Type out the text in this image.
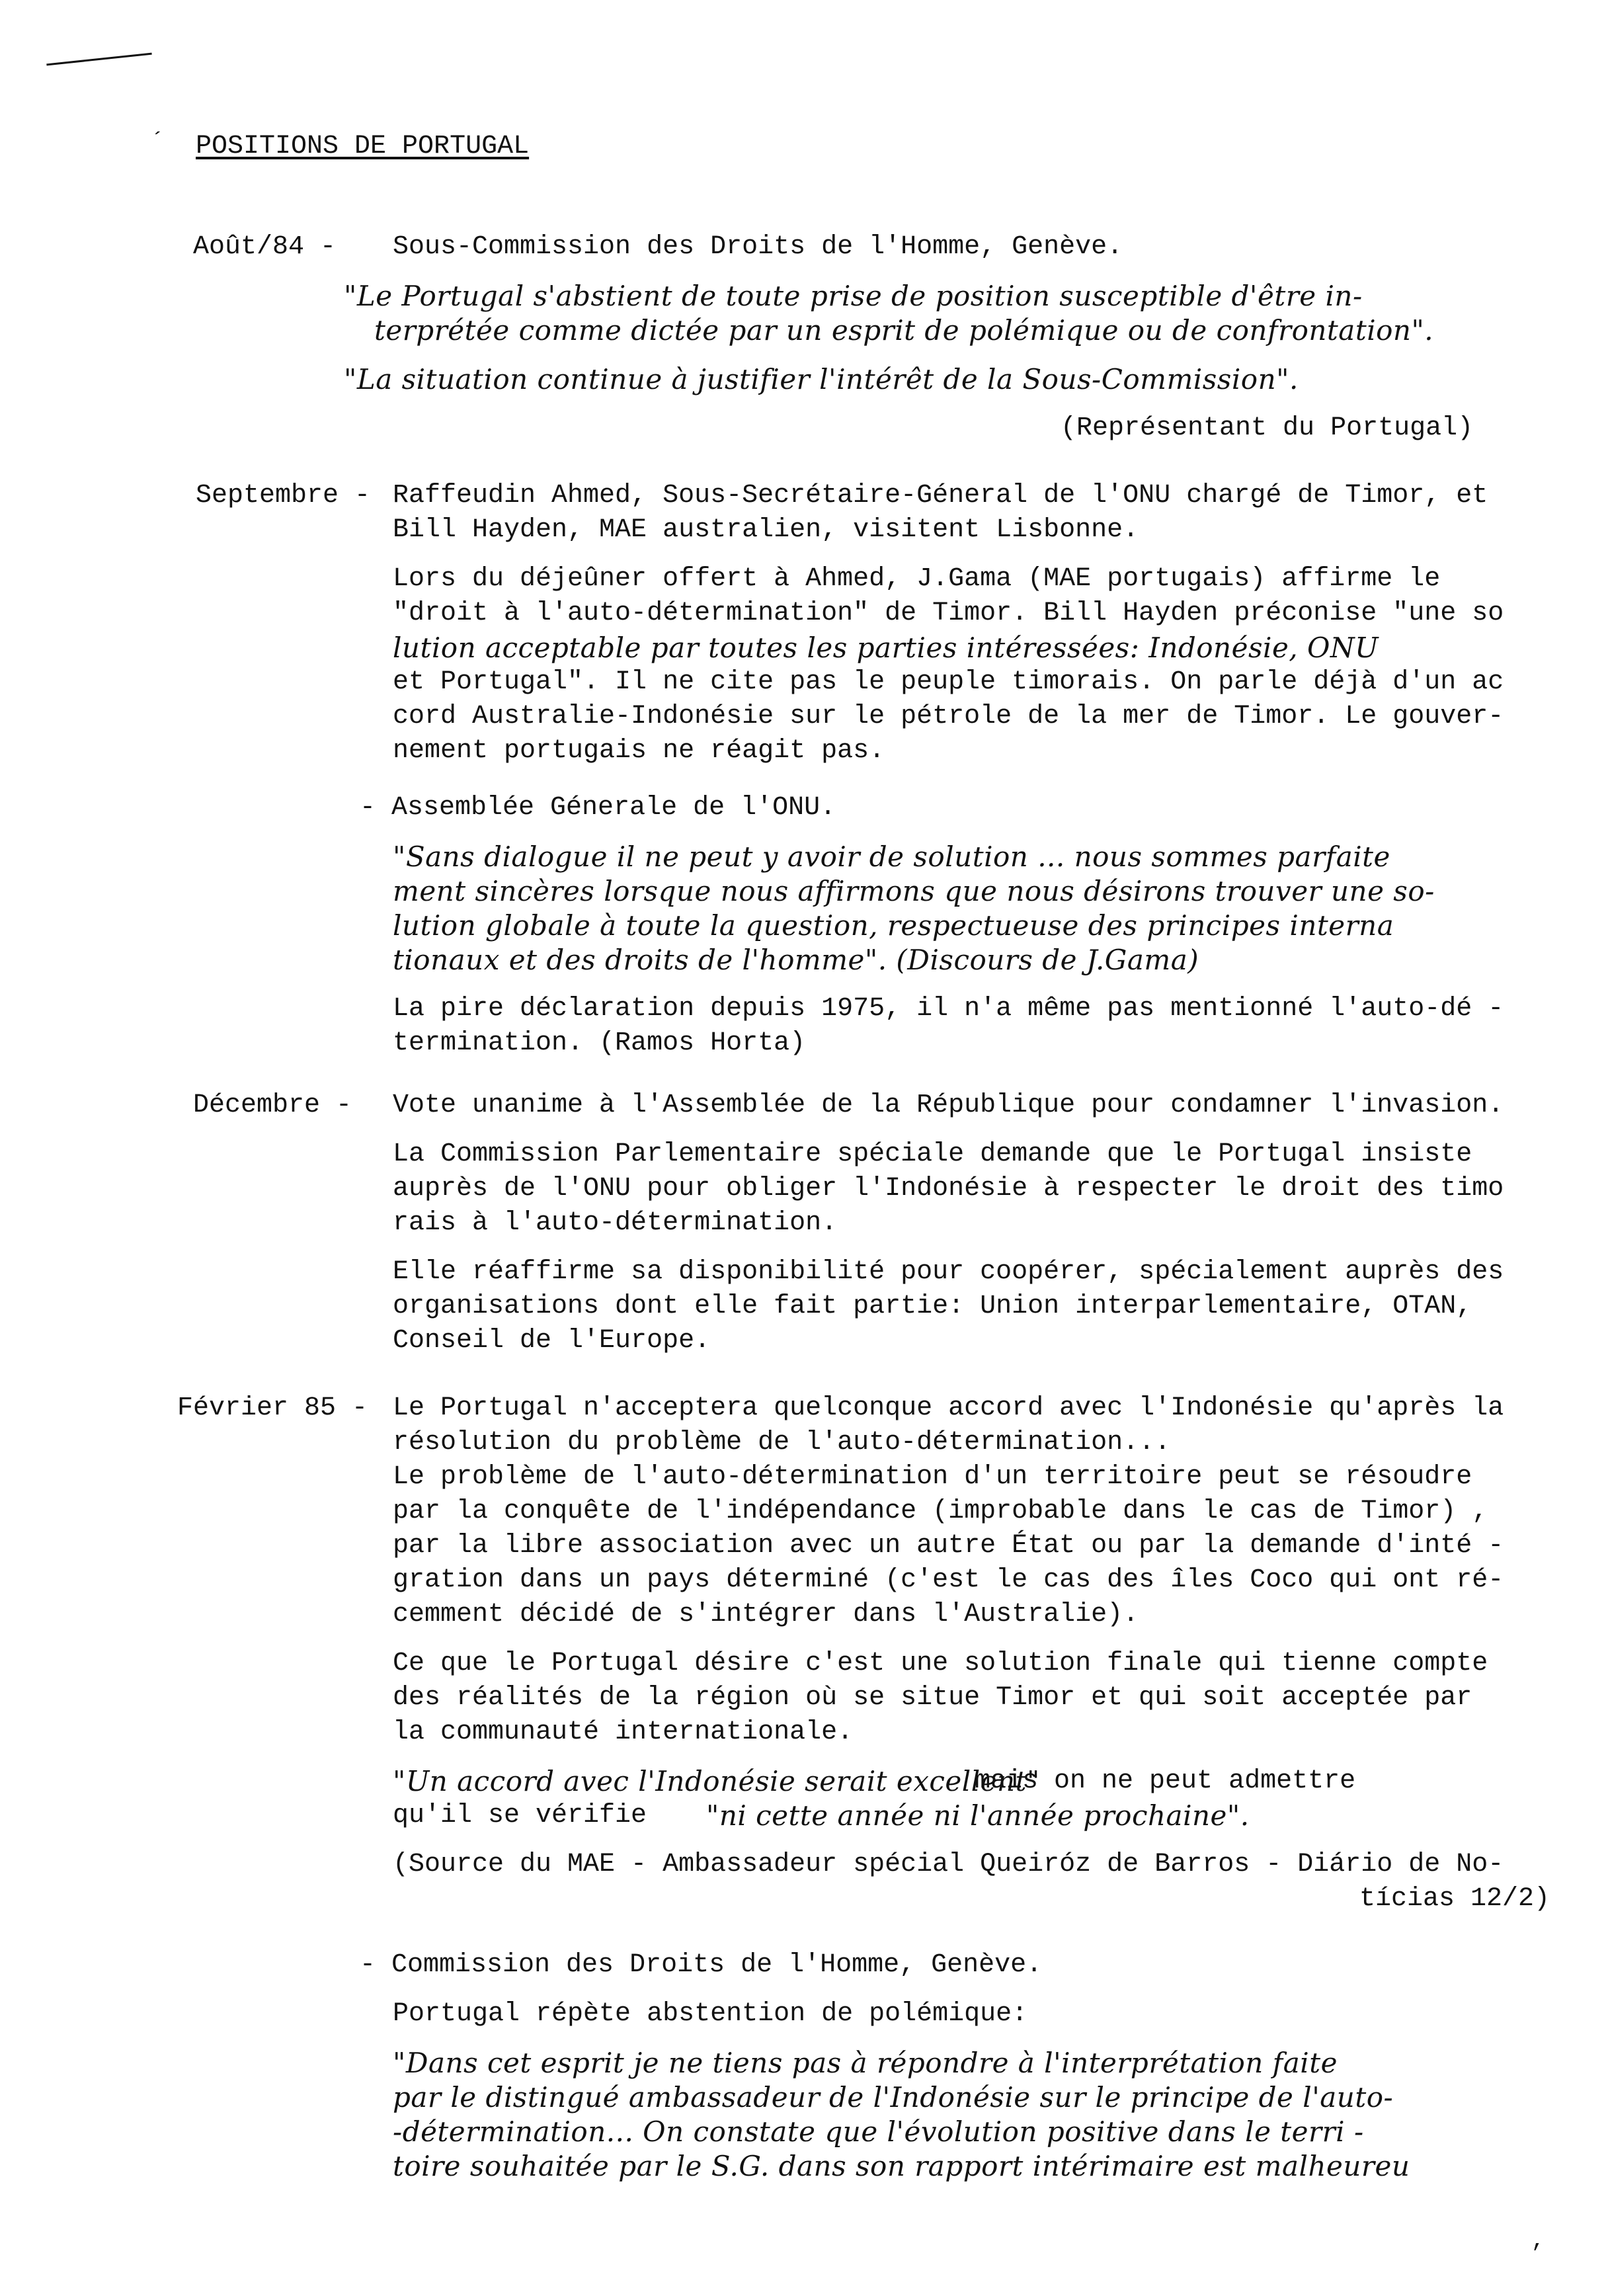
´ POSITIONS DE PORTUGAL
Août/84 - Sous-Commission des Droits de l'Homme, Genève.
"Le Portugal s'abstient de toute prise de position susceptible d'être in-
terprétée comme dictée par un esprit de polémique ou de confrontation".
"La situation continue à justifier l'intérêt de la Sous-Commission".
(Représentant du Portugal)
Septembre - Raffeudin Ahmed, Sous-Secrétaire-Géneral de l'ONU chargé de Timor, et
Bill Hayden, MAE australien, visitent Lisbonne.
Lors du déjeûner offert à Ahmed, J.Gama (MAE portugais) affirme le
"droit à l'auto-détermination" de Timor. Bill Hayden préconise "une so
lution acceptable par toutes les parties intéressées: Indonésie, ONU
et Portugal". Il ne cite pas le peuple timorais. On parle déjà d'un ac
cord Australie-Indonésie sur le pétrole de la mer de Timor. Le gouver-
nement portugais ne réagit pas.
- Assemblée Génerale de l'ONU.
"Sans dialogue il ne peut y avoir de solution ... nous sommes parfaite
ment sincères lorsque nous affirmons que nous désirons trouver une so-
lution globale à toute la question, respectueuse des principes interna
tionaux et des droits de l'homme". (Discours de J.Gama)
La pire déclaration depuis 1975, il n'a même pas mentionné l'auto-dé -
termination. (Ramos Horta)
Décembre - Vote unanime à l'Assemblée de la République pour condamner l'invasion.
La Commission Parlementaire spéciale demande que le Portugal insiste
auprès de l'ONU pour obliger l'Indonésie à respecter le droit des timo
rais à l'auto-détermination.
Elle réaffirme sa disponibilité pour coopérer, spécialement auprès des
organisations dont elle fait partie: Union interparlementaire, OTAN,
Conseil de l'Europe.
Février 85 - Le Portugal n'acceptera quelconque accord avec l'Indonésie qu'après la
résolution du problème de l'auto-détermination...
Le problème de l'auto-détermination d'un territoire peut se résoudre
par la conquête de l'indépendance (improbable dans le cas de Timor) ,
par la libre association avec un autre État ou par la demande d'inté -
gration dans un pays déterminé (c'est le cas des îles Coco qui ont ré-
cemment décidé de s'intégrer dans l'Australie).
Ce que le Portugal désire c'est une solution finale qui tienne compte
des réalités de la région où se situe Timor et qui soit acceptée par
la communauté internationale.
"Un accord avec l'Indonésie serait excellent"
mais on ne peut admettre
qu'il se vérifie "ni cette année ni l'année prochaine".
(Source du MAE - Ambassadeur spécial Queiróz de Barros - Diário de No-
tícias 12/2)
- Commission des Droits de l'Homme, Genève.
Portugal répète abstention de polémique:
"Dans cet esprit je ne tiens pas à répondre à l'interprétation faite
par le distingué ambassadeur de l'Indonésie sur le principe de l'auto-
-détermination... On constate que l'évolution positive dans le terri -
toire souhaitée par le S.G. dans son rapport intérimaire est malheureu
,
